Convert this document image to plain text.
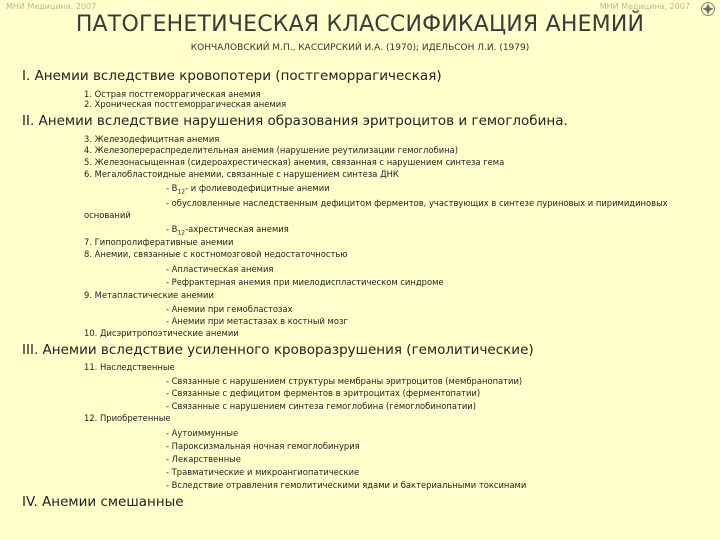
МНИ Медицина, 2007	МНИ Медицина, 2007
ПАТОГЕНЕТИЧЕСКАЯ КЛАССИФИКАЦИЯ АНЕМИЙ
КОНЧАЛОВСКИЙ М.П., КАССИРСКИЙ И.А. (1970); ИДЕЛЬСОН Л.И. (1979)
I. Анемии вследствие кровопотери (постгеморрагическая)
1. Острая постгеморрагическая анемия
2. Хроническая постгеморрагическая анемия
II. Анемии вследствие нарушения образования эритроцитов и гемоглобина.
3. Железодефицитная анемия
4. Железоперераспределительная анемия (нарушение реутилизации гемоглобина)
5. Железонасыщенная (сидероахрестическая) анемия, связанная с нарушением синтеза гема
6. Мегалобластоидные анемии, связанные с нарушением синтеза ДНК
- $B_{12}-$ и фолиеводефицитные анемии
- обусловленные наследственным дефицитом ферментов, участвующих в синтезе пуриновых и пиримидиновых
оснований
- $B_{12}$-ахрестическая анемия
7. Гипопролиферативные анемии
8. Анемии, связанные с костномозговой недостаточностью
- Апластическая анемия
- Рефрактерная анемия при миелодиспластическом синдроме
9. Метапластические анемии
- Анемии при гемобластозах
- Анемии при метастазах в костный мозг
10. Дисэритропоэтические анемии
III. Анемии вследствие усиленного кроворазрушения (гемолитические)
11. Наследственные
- Связанные с нарушением структуры мембраны эритроцитов (мембранопатии)
- Связанные с дефицитом ферментов в эритроцитах (ферментопатии)
- Связанные с нарушением синтеза гемоглобина (гемоглобинопатии)
12. Приобретенные
- Аутоиммунные
- Пароксизмальная ночная гемоглобинурия
- Лекарственные
- Травматические и микроангиопатические
- Вследствие отравления гемолитическими ядами и бактериальными токсинами
IV. Анемии смешанные
